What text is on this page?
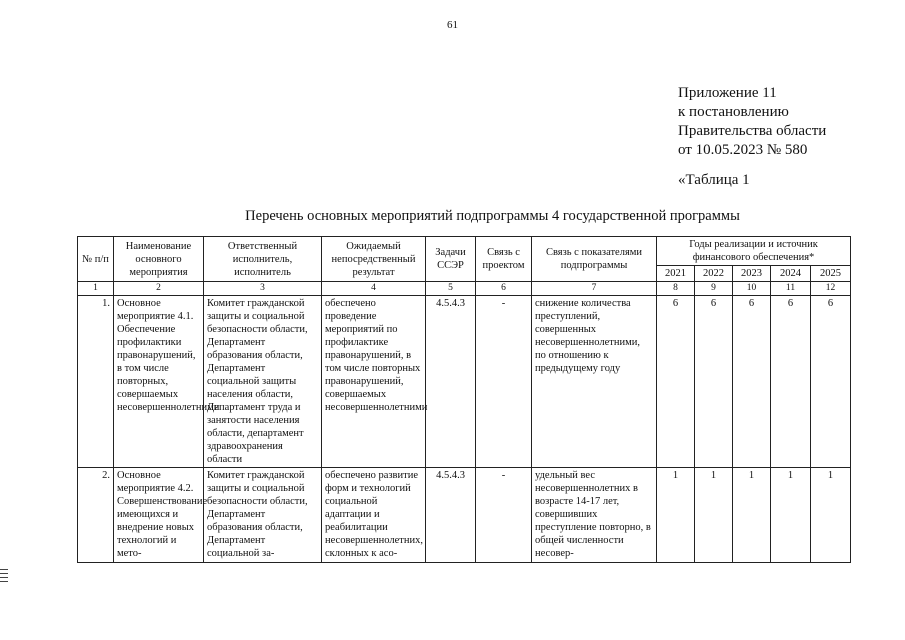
61
Приложение 11
к постановлению
Правительства области
от 10.05.2023 № 580
«Таблица 1
Перечень основных мероприятий подпрограммы 4 государственной программы
№ п/п	Наименование основного мероприятия	Ответственный исполнитель, исполнитель	Ожидаемый непосредственный результат	Задачи ССЭР	Связь с проектом	Связь с показателями подпрограммы	Годы реализации и источник финансового обеспечения*				
							2021	2022	2023	2024	2025
1	2	3	4	5	6	7	8	9	10	11	12
1.	Основное мероприятие 4.1. Обеспечение профилактики правонарушений, в том числе повторных, совершаемых несовершеннолетними	Комитет гражданской защиты и социальной безопасности области, Департамент образования области, Департамент социальной защиты населения области, Департамент труда и занятости населения области, департамент здравоохранения области	обеспечено проведение мероприятий по профилактике правонарушений, в том числе повторных правонарушений, совершаемых несовершеннолетними	4.5.4.3	-	снижение количества преступлений, совершенных несовершеннолетними, по отношению к предыдущему году	6	6	6	6	6
2.	Основное мероприятие 4.2. Совершенствование имеющихся и внедрение новых технологий и мето-	Комитет гражданской защиты и социальной безопасности области, Департамент образования области, Департамент социальной за-	обеспечено развитие форм и технологий социальной адаптации и реабилитации несовершеннолетних, склонных к асо-	4.5.4.3	-	удельный вес несовершеннолетних в возрасте 14-17 лет, совершивших преступление повторно, в общей численности несовер-	1	1	1	1	1
